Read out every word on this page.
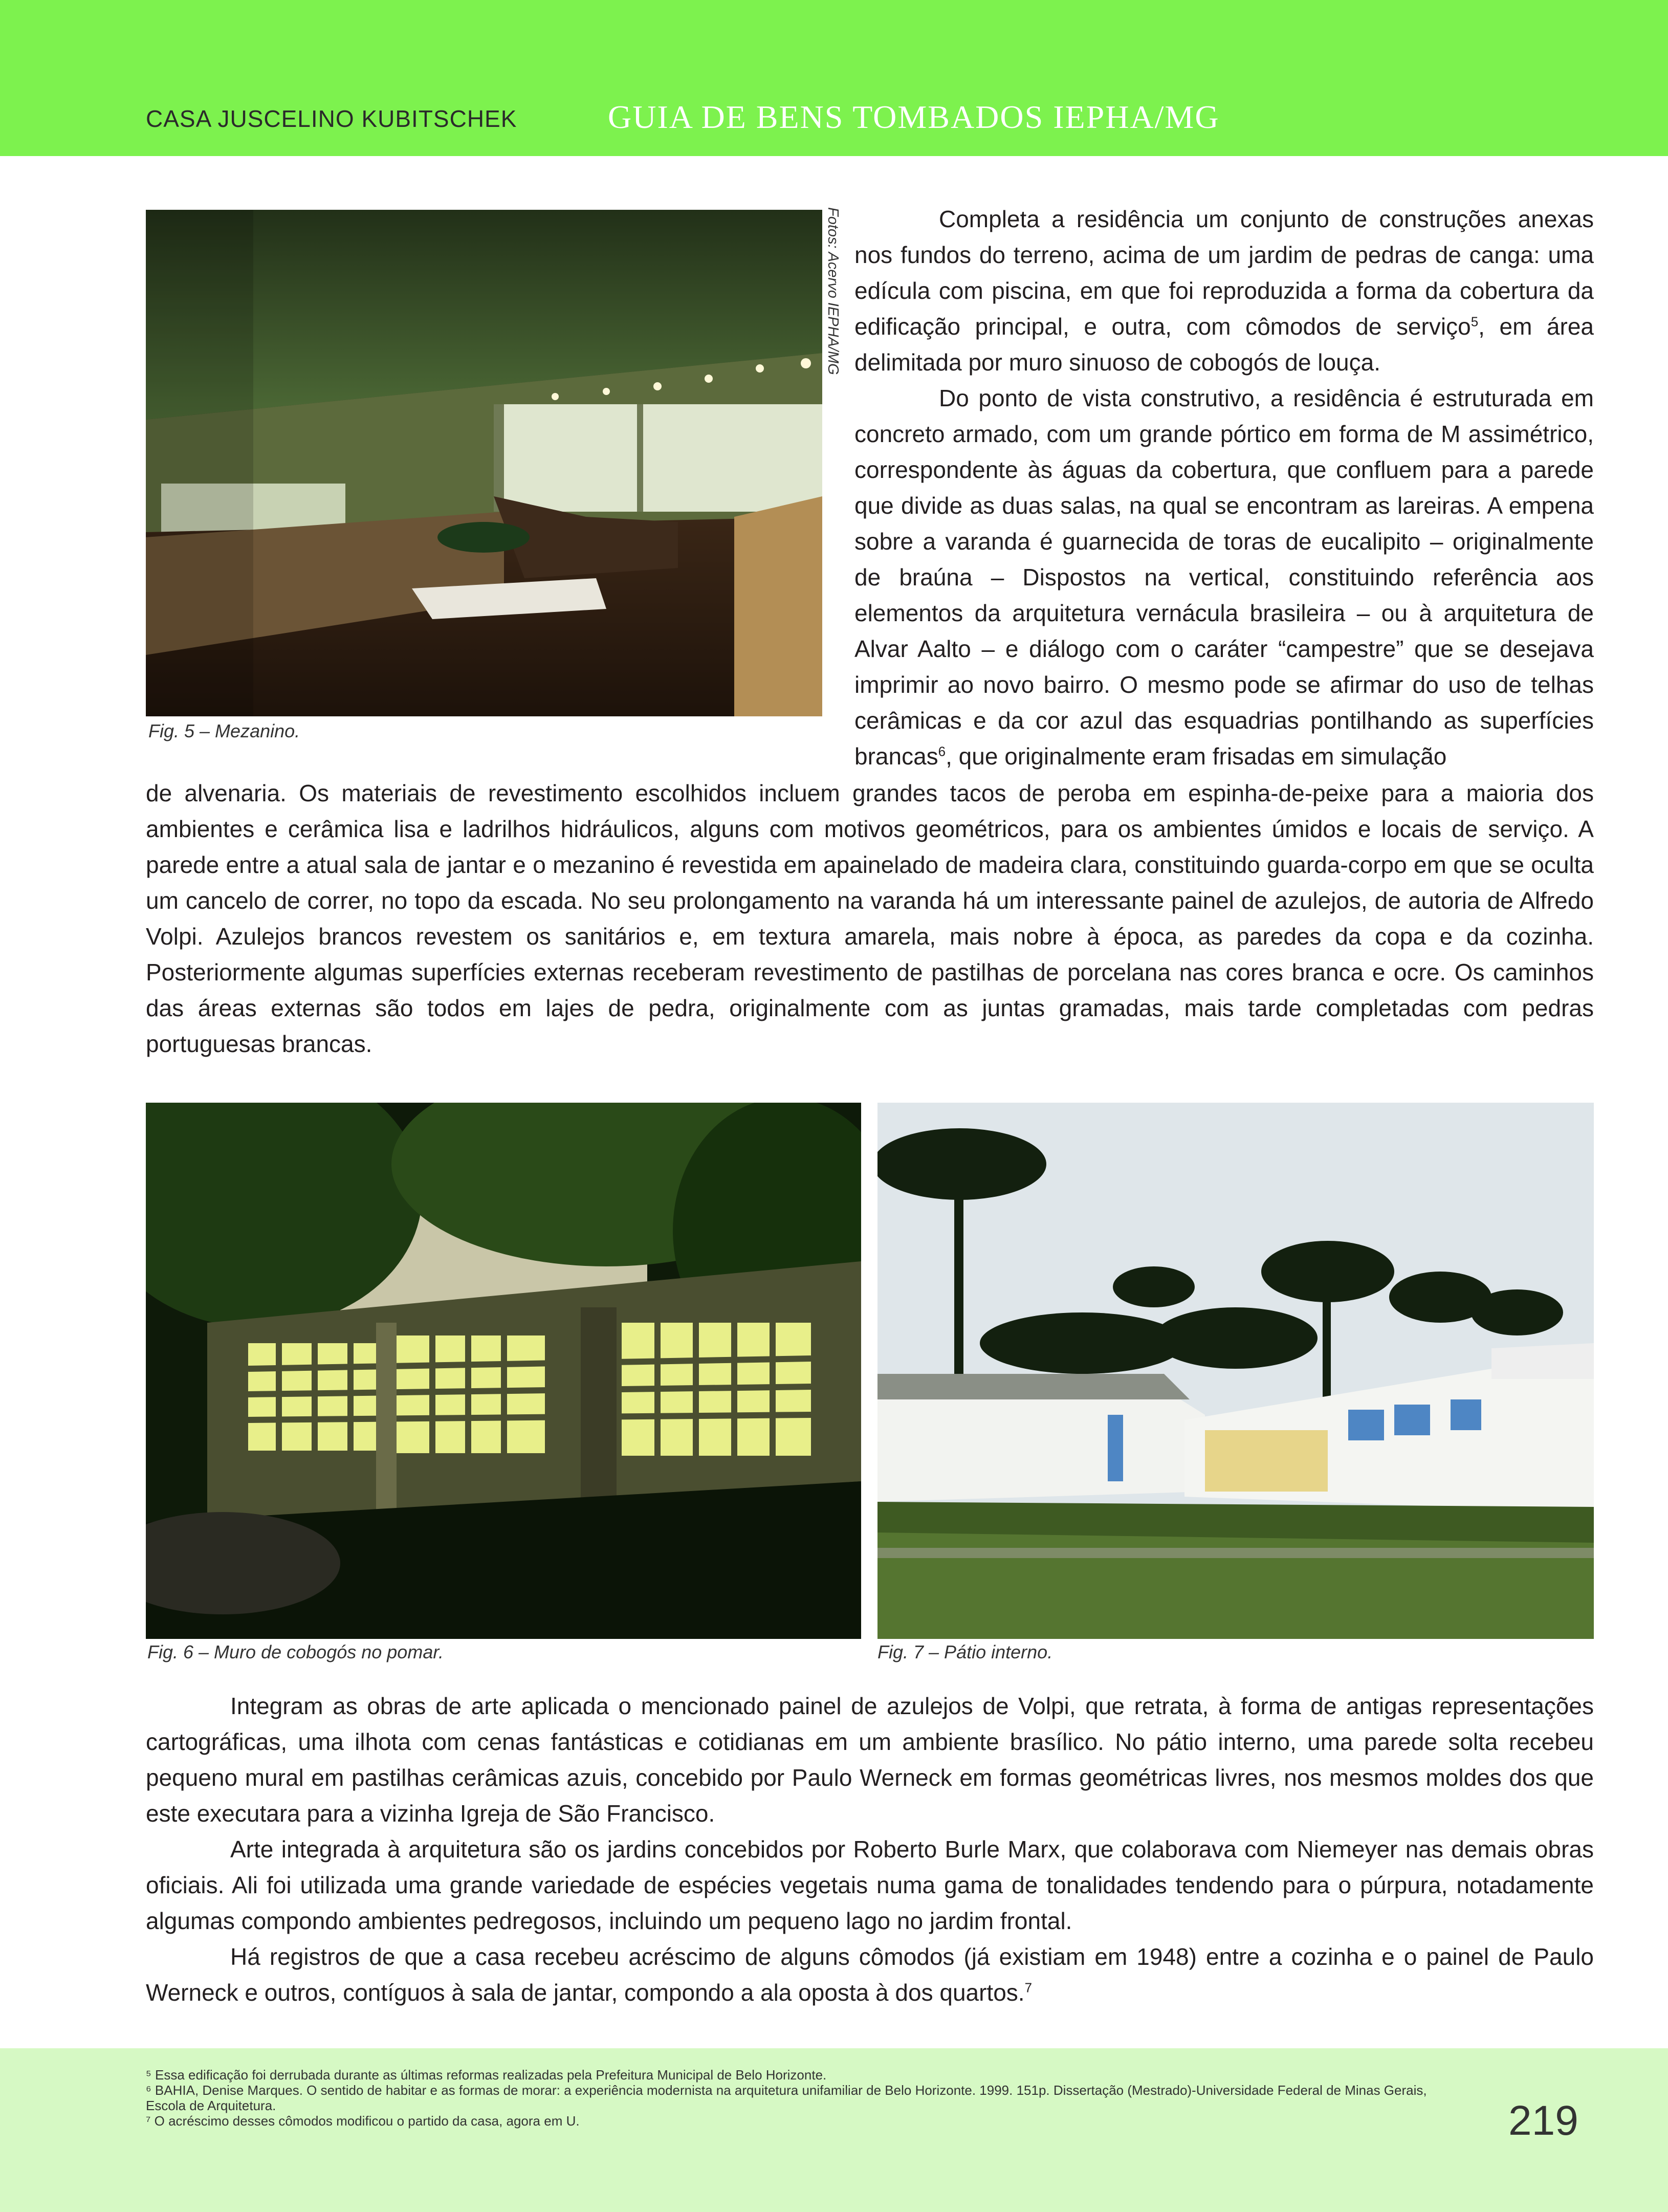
CASA JUSCELINO KUBITSCHEK	GUIA DE BENS TOMBADOS IEPHA/MG
Fig. 5 – Mezanino.
Fotos: Acervo IEPHA/MG	Completa a residência um conjunto de construções anexas nos fundos do terreno, acima de um jardim de pedras de canga: uma edícula com piscina, em que foi reproduzida a forma da cobertura da edificação principal, e outra, com cômodos de serviço$^5$, em área delimitada por muro sinuoso de cobogós de louça.

Do ponto de vista construtivo, a residência é estruturada em concreto armado, com um grande pórtico em forma de M assimétrico, correspondente às águas da cobertura, que confluem para a parede que divide as duas salas, na qual se encontram as lareiras. A empena sobre a varanda é guarnecida de toras de eucalipito – originalmente de braúna – Dispostos na vertical, constituindo referência aos elementos da arquitetura vernácula brasileira – ou à arquitetura de Alvar Aalto – e diálogo com o caráter “campestre” que se desejava imprimir ao novo bairro. O mesmo pode se afirmar do uso de telhas cerâmicas e da cor azul das esquadrias pontilhando as superfícies brancas$^6$, que originalmente eram frisadas em simulação

de alvenaria. Os materiais de revestimento escolhidos incluem grandes tacos de peroba em espinha-de-peixe para a maioria dos ambientes e cerâmica lisa e ladrilhos hidráulicos, alguns com motivos geométricos, para os ambientes úmidos e locais de serviço. A parede entre a atual sala de jantar e o mezanino é revestida em apainelado de madeira clara, constituindo guarda-corpo em que se oculta um cancelo de correr, no topo da escada. No seu prolongamento na varanda há um interessante painel de azulejos, de autoria de Alfredo Volpi. Azulejos brancos revestem os sanitários e, em textura amarela, mais nobre à época, as paredes da copa e da cozinha. Posteriormente algumas superfícies externas receberam revestimento de pastilhas de porcelana nas cores branca e ocre. Os caminhos das áreas externas são todos em lajes de pedra, originalmente com as juntas gramadas, mais tarde completadas com pedras portuguesas brancas.

Fig. 6 – Muro de cobogós no pomar.	Fig. 7 – Pátio interno.

Integram as obras de arte aplicada o mencionado painel de azulejos de Volpi, que retrata, à forma de antigas representações cartográficas, uma ilhota com cenas fantásticas e cotidianas em um ambiente brasílico. No pátio interno, uma parede solta recebeu pequeno mural em pastilhas cerâmicas azuis, concebido por Paulo Werneck em formas geométricas livres, nos mesmos moldes dos que este executara para a vizinha Igreja de São Francisco.

Arte integrada à arquitetura são os jardins concebidos por Roberto Burle Marx, que colaborava com Niemeyer nas demais obras oficiais. Ali foi utilizada uma grande variedade de espécies vegetais numa gama de tonalidades tendendo para o púrpura, notadamente algumas compondo ambientes pedregosos, incluindo um pequeno lago no jardim frontal.

Há registros de que a casa recebeu acréscimo de alguns cômodos (já existiam em 1948) entre a cozinha e o painel de Paulo Werneck e outros, contíguos à sala de jantar, compondo a ala oposta à dos quartos.$^7$

⁵ Essa edificação foi derrubada durante as últimas reformas realizadas pela Prefeitura Municipal de Belo Horizonte.
⁶ BAHIA, Denise Marques. O sentido de habitar e as formas de morar: a experiência modernista na arquitetura unifamiliar de Belo Horizonte. 1999. 151p. Dissertação (Mestrado)-Universidade Federal de Minas Gerais, Escola de Arquitetura.
⁷ O acréscimo desses cômodos modificou o partido da casa, agora em U.	219
